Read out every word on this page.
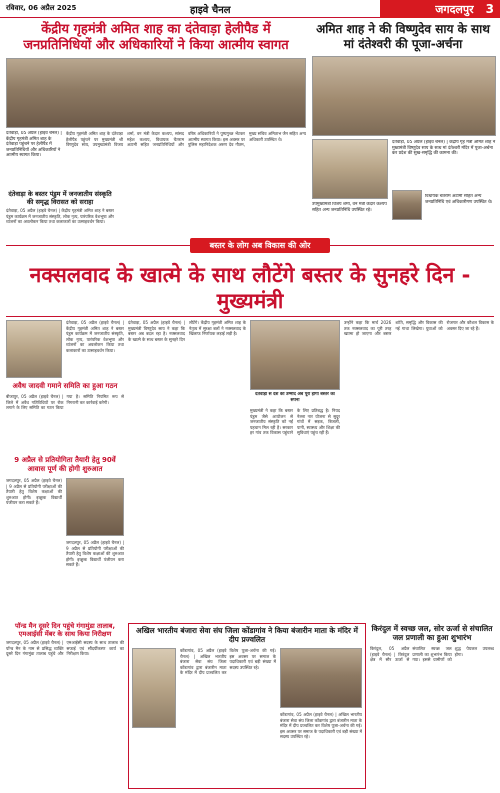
रविवार, 06 अप्रैल 2025	हाइवे चैनल	जगदलपुर 3
केंद्रीय गृहमंत्री अमित शाह का दंतेवाड़ा हेलीपैड में जनप्रतिनिधियों और अधिकारियों ने किया आत्मीय स्वागत
दंतेवाड़ा, 05 अप्रैल (हाइवे चैनल) | केंद्रीय गृहमंत्री अमित शाह के दंतेवाड़ा पहुंचने पर हेलीपैड में जनप्रतिनिधियों और अधिकारियों ने आत्मीय स्वागत किया।
केंद्रीय गृहमंत्री अमित शाह के दंतेवाड़ा हेलीपैड पहुंचने पर मुख्यमंत्री श्री विष्णुदेव साय, उपमुख्यमंत्री विजय शर्मा, वन मंत्री केदार कश्यप, सांसद महेश कश्यप, विधायक चैतराम अटामी सहित जनप्रतिनिधियों और वरिष्ठ अधिकारियों ने पुष्पगुच्छ भेंटकर आत्मीय स्वागत किया। इस अवसर पर पुलिस महानिदेशक अरुण देव गौतम, मुख्य सचिव अमिताभ जैन सहित अन्य अधिकारी उपस्थित थे।
अमित शाह ने की विष्णुदेव साय के साथ मां दंतेश्वरी की पूजा-अर्चना
दंतेवाड़ा, 05 अप्रैल (हाइवे चैनल) | केंद्रीय गृह मंत्री अमित शाह ने मुख्यमंत्री विष्णुदेव साय के साथ मां दंतेश्वरी मंदिर में पूजा-अर्चना कर प्रदेश की सुख-समृद्धि की कामना की।
उपमुख्यमंत्री विजय शर्मा, वन मंत्री केदार कश्यप सहित अन्य जनप्रतिनिधि उपस्थित रहे।
विधायक चैतराम अटामी सहित अन्य जनप्रतिनिधि एवं अधिकारीगण उपस्थित थे।
बस्तर के लोग अब विकास की ओर
दंतेवाड़ा के बस्तर पंडुम में जनजातीय संस्कृति की समृद्ध विरासत को सराहा
दंतेवाड़ा, 05 अप्रैल (हाइवे चैनल) | केंद्रीय गृहमंत्री अमित शाह ने बस्तर पंडुम कार्यक्रम में जनजातीय संस्कृति, लोक नृत्य, पारंपरिक वेशभूषा और व्यंजनों का अवलोकन किया तथा कलाकारों का उत्साहवर्धन किया।
नक्सलवाद के खात्मे के साथ लौटेंगे बस्तर के सुनहरे दिन - मुख्यमंत्री
दंतेवाड़ा, 05 अप्रैल (हाइवे चैनल) | केंद्रीय गृहमंत्री अमित शाह ने बस्तर पंडुम कार्यक्रम में जनजातीय संस्कृति, लोक नृत्य, पारंपरिक वेशभूषा और व्यंजनों का अवलोकन किया तथा कलाकारों का उत्साहवर्धन किया।
अवैध जादवी गमाने समिति का हुआ गठन
बीजापुर, 05 अप्रैल (हाइवे चैनल) | जिले में अवैध गतिविधियों पर रोक लगाने के लिए समिति का गठन किया गया है। समिति नियमित रूप से निगरानी कर कार्रवाई करेगी।
9 अप्रैल से प्रतियोगिता तैयारी हेतु 90वें आवास पूर्ण की होगी शुरुआत
जगदलपुर, 05 अप्रैल (हाइवे चैनल) | 9 अप्रैल से प्रतियोगी परीक्षाओं की तैयारी हेतु विशेष कक्षाओं की शुरुआत होगी। इच्छुक विद्यार्थी पंजीयन करा सकते हैं।
जगदलपुर, 05 अप्रैल (हाइवे चैनल) | 9 अप्रैल से प्रतियोगी परीक्षाओं की तैयारी हेतु विशेष कक्षाओं की शुरुआत होगी। इच्छुक विद्यार्थी पंजीयन करा सकते हैं।
दंतेवाड़ा, 05 अप्रैल (हाइवे चैनल) | मुख्यमंत्री विष्णुदेव साय ने कहा कि बस्तर अब बदल रहा है। नक्सलवाद के खात्मे के साथ बस्तर के सुनहरे दिन लौटेंगे। केंद्रीय गृहमंत्री अमित शाह के नेतृत्व में सुरक्षा बलों ने नक्सलवाद के खिलाफ निर्णायक लड़ाई लड़ी है।
दंतेवाड़ा से देश की उम्मीद अब पूरा होगा बस्तर का सपना
मुख्यमंत्री ने कहा कि बस्तर पंडुम जैसे आयोजन से जनजातीय संस्कृति को नई पहचान मिल रही है। सरकार हर गांव तक विकास पहुंचाने के लिए प्रतिबद्ध है। नियद नेल्ला नार योजना से सुदूर गांवों में सड़क, बिजली, पानी, स्वास्थ्य और शिक्षा की सुविधाएं पहुंच रही हैं।
उन्होंने कहा कि मार्च 2026 तक नक्सलवाद का पूरी तरह खात्मा हो जाएगा और बस्तर शांति, समृद्धि और विकास की नई गाथा लिखेगा। युवाओं को रोजगार और कौशल विकास के अवसर दिए जा रहे हैं।
अखिल भारतीय बंजारा सेवा संघ जिला कोंडागांव ने किया बंजारीन माता के मंदिर में दीप प्रज्वलित
कोंडागांव, 05 अप्रैल (हाइवे चैनल) | अखिल भारतीय बंजारा सेवा संघ जिला कोंडागांव द्वारा बंजारीन माता के मंदिर में दीप प्रज्वलित कर विशेष पूजा-अर्चना की गई। इस अवसर पर समाज के पदाधिकारी एवं बड़ी संख्या में सदस्य उपस्थित रहे।
कोंडागांव, 05 अप्रैल (हाइवे चैनल) | अखिल भारतीय बंजारा सेवा संघ जिला कोंडागांव द्वारा बंजारीन माता के मंदिर में दीप प्रज्वलित कर विशेष पूजा-अर्चना की गई। इस अवसर पर समाज के पदाधिकारी एवं बड़ी संख्या में सदस्य उपस्थित रहे।
किरंदुल में स्वच्छ जल, सोर ऊर्जा से संचालित जल प्रणाली का हुआ शुभारंभ
किरंदुल, 05 अप्रैल (हाइवे चैनल) | किरंदुल क्षेत्र में सौर ऊर्जा से संचालित स्वच्छ जल प्रणाली का शुभारंभ किया गया। इससे ग्रामीणों को शुद्ध पेयजल उपलब्ध होगा।
पॉन्ड मैन दूसरे दिन पहुंचे गंगामुंडा तालाब, एमआईसी मेंबर के साथ किया निरीक्षण
जगदलपुर, 05 अप्रैल (हाइवे चैनल) | पॉन्ड मैन के नाम से प्रसिद्ध व्यक्ति दूसरे दिन गंगामुंडा तालाब पहुंचे और एमआईसी सदस्य के साथ तालाब की सफाई एवं सौंदर्यीकरण कार्य का निरीक्षण किया।
